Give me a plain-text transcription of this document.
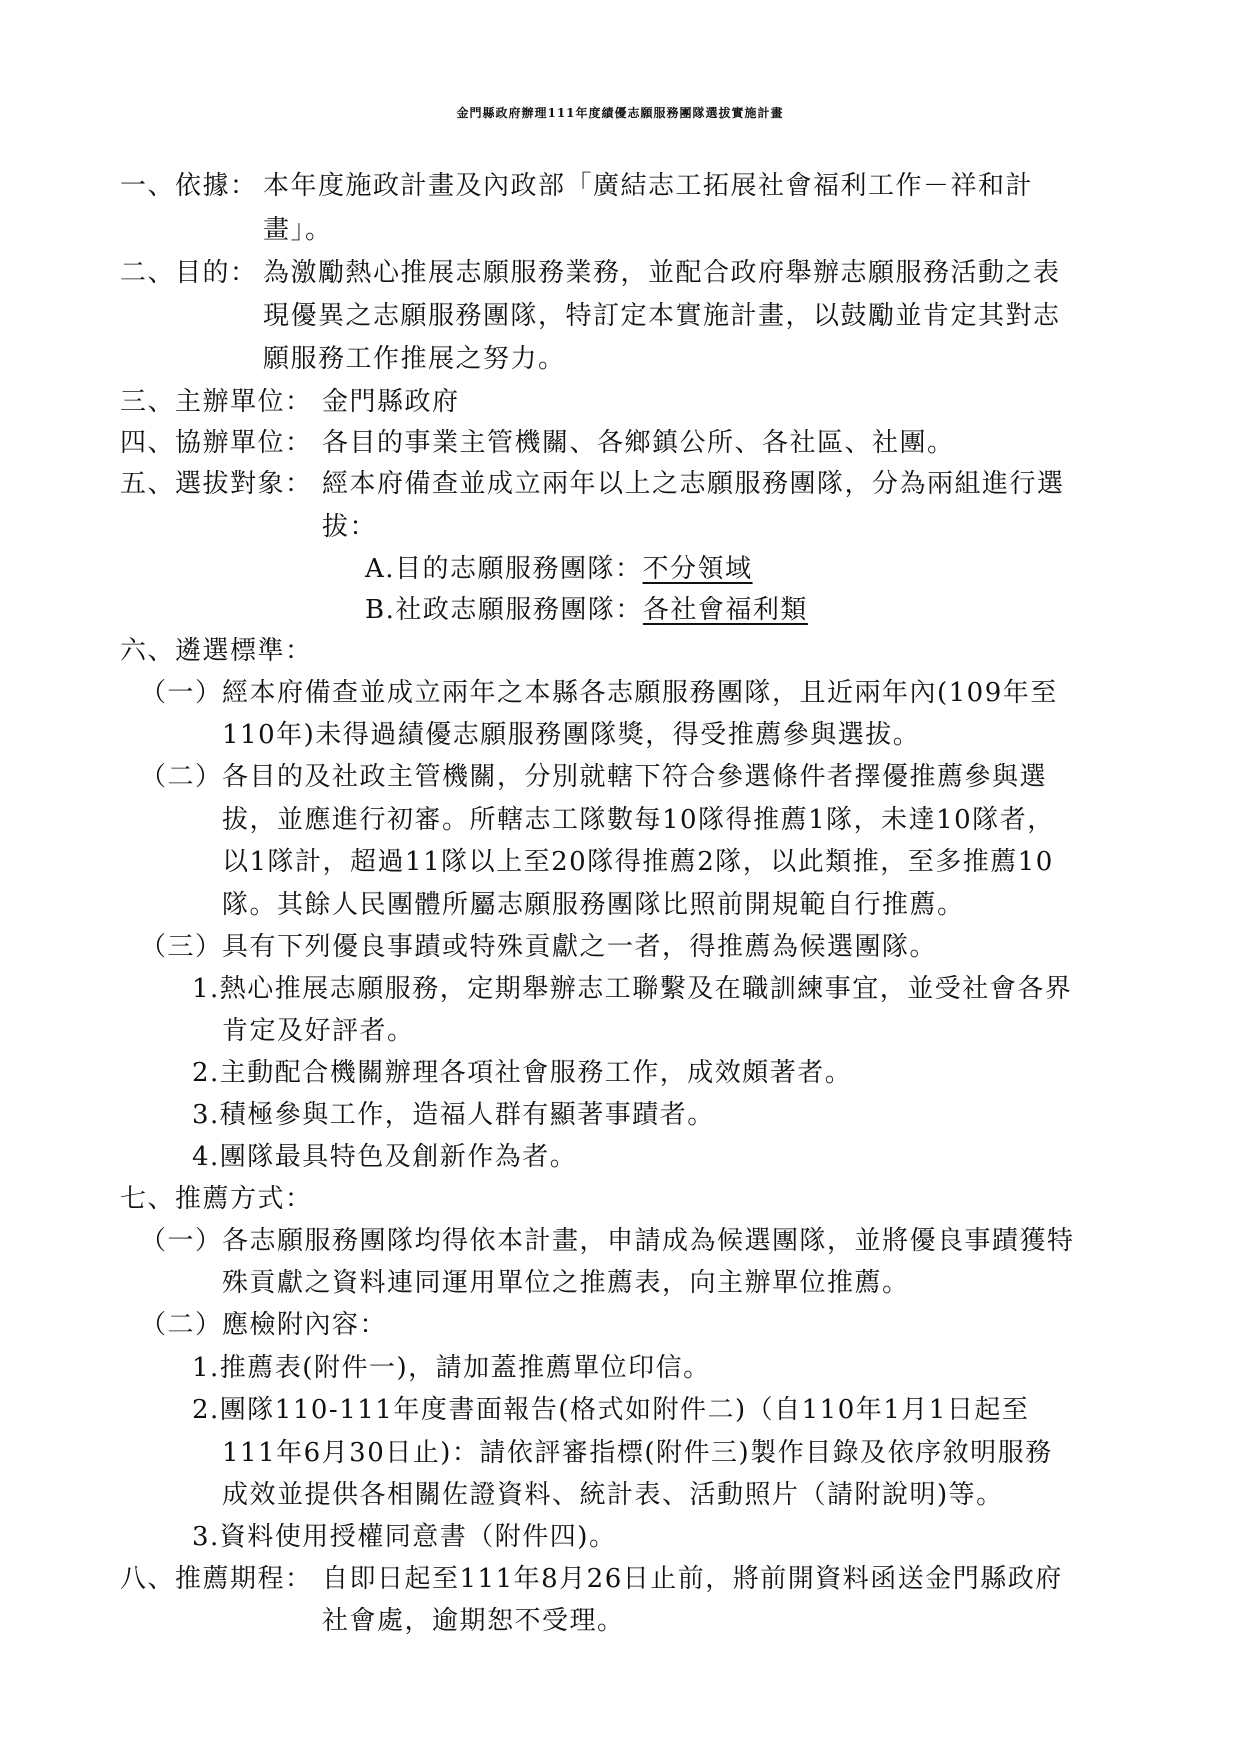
金門縣政府辦理111年度績優志願服務團隊選拔實施計畫
一、依據： 本年度施政計畫及內政部「廣結志工拓展社會福利工作－祥和計
畫」。
二、目的： 為激勵熱心推展志願服務業務，並配合政府舉辦志願服務活動之表
現優異之志願服務團隊，特訂定本實施計畫，以鼓勵並肯定其對志
願服務工作推展之努力。
三、主辦單位： 金門縣政府
四、協辦單位： 各目的事業主管機關、各鄉鎮公所、各社區、社團。
五、選拔對象： 經本府備查並成立兩年以上之志願服務團隊，分為兩組進行選
拔：
A.目的志願服務團隊：不分領域
B.社政志願服務團隊：各社會福利類
六、遴選標準：
（一） 經本府備查並成立兩年之本縣各志願服務團隊，且近兩年內(109年至
110年)未得過績優志願服務團隊獎，得受推薦參與選拔。
（二） 各目的及社政主管機關，分別就轄下符合參選條件者擇優推薦參與選
拔，並應進行初審。所轄志工隊數每10隊得推薦1隊，未達10隊者，
以1隊計，超過11隊以上至20隊得推薦2隊，以此類推，至多推薦10
隊。其餘人民團體所屬志願服務團隊比照前開規範自行推薦。
（三） 具有下列優良事蹟或特殊貢獻之一者，得推薦為候選團隊。
1.熱心推展志願服務，定期舉辦志工聯繫及在職訓練事宜，並受社會各界
肯定及好評者。
2.主動配合機關辦理各項社會服務工作，成效頗著者。
3.積極參與工作，造福人群有顯著事蹟者。
4.團隊最具特色及創新作為者。
七、推薦方式：
（一） 各志願服務團隊均得依本計畫，申請成為候選團隊，並將優良事蹟獲特
殊貢獻之資料連同運用單位之推薦表，向主辦單位推薦。
（二） 應檢附內容：
1.推薦表(附件一)，請加蓋推薦單位印信。
2.團隊110-111年度書面報告(格式如附件二)（自110年1月1日起至
111年6月30日止)：請依評審指標(附件三)製作目錄及依序敘明服務
成效並提供各相關佐證資料、統計表、活動照片（請附說明)等。
3.資料使用授權同意書（附件四)。
八、推薦期程： 自即日起至111年8月26日止前，將前開資料函送金門縣政府
社會處，逾期恕不受理。
